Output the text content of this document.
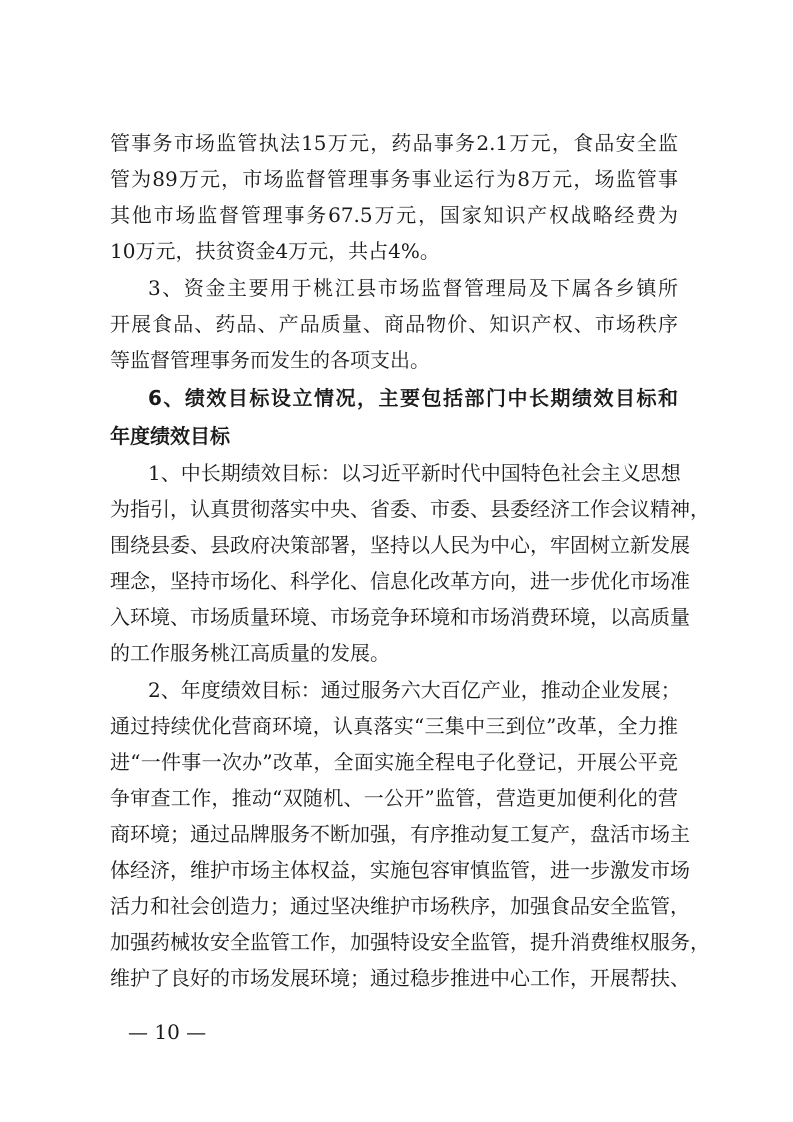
管事务市场监管执法15万元，药品事务2.1万元，食品安全监
管为89万元，市场监督管理事务事业运行为8万元，场监管事
其他市场监督管理事务67.5万元，国家知识产权战略经费为
10万元，扶贫资金4万元，共占4%。
3、资金主要用于桃江县市场监督管理局及下属各乡镇所
开展食品、药品、产品质量、商品物价、知识产权、市场秩序
等监督管理事务而发生的各项支出。
6、绩效目标设立情况，主要包括部门中长期绩效目标和
年度绩效目标
1、中长期绩效目标：以习近平新时代中国特色社会主义思想
为指引，认真贯彻落实中央、省委、市委、县委经济工作会议精神，
围绕县委、县政府决策部署，坚持以人民为中心，牢固树立新发展
理念，坚持市场化、科学化、信息化改革方向，进一步优化市场准
入环境、市场质量环境、市场竞争环境和市场消费环境，以高质量
的工作服务桃江高质量的发展。
2、年度绩效目标：通过服务六大百亿产业，推动企业发展；
通过持续优化营商环境，认真落实“三集中三到位”改革，全力推
进“一件事一次办”改革，全面实施全程电子化登记，开展公平竞
争审查工作，推动“双随机、一公开”监管，营造更加便利化的营
商环境；通过品牌服务不断加强，有序推动复工复产，盘活市场主
体经济，维护市场主体权益，实施包容审慎监管，进一步激发市场
活力和社会创造力；通过坚决维护市场秩序，加强食品安全监管，
加强药械妆安全监管工作，加强特设安全监管，提升消费维权服务，
维护了良好的市场发展环境；通过稳步推进中心工作，开展帮扶、
— 10 —
